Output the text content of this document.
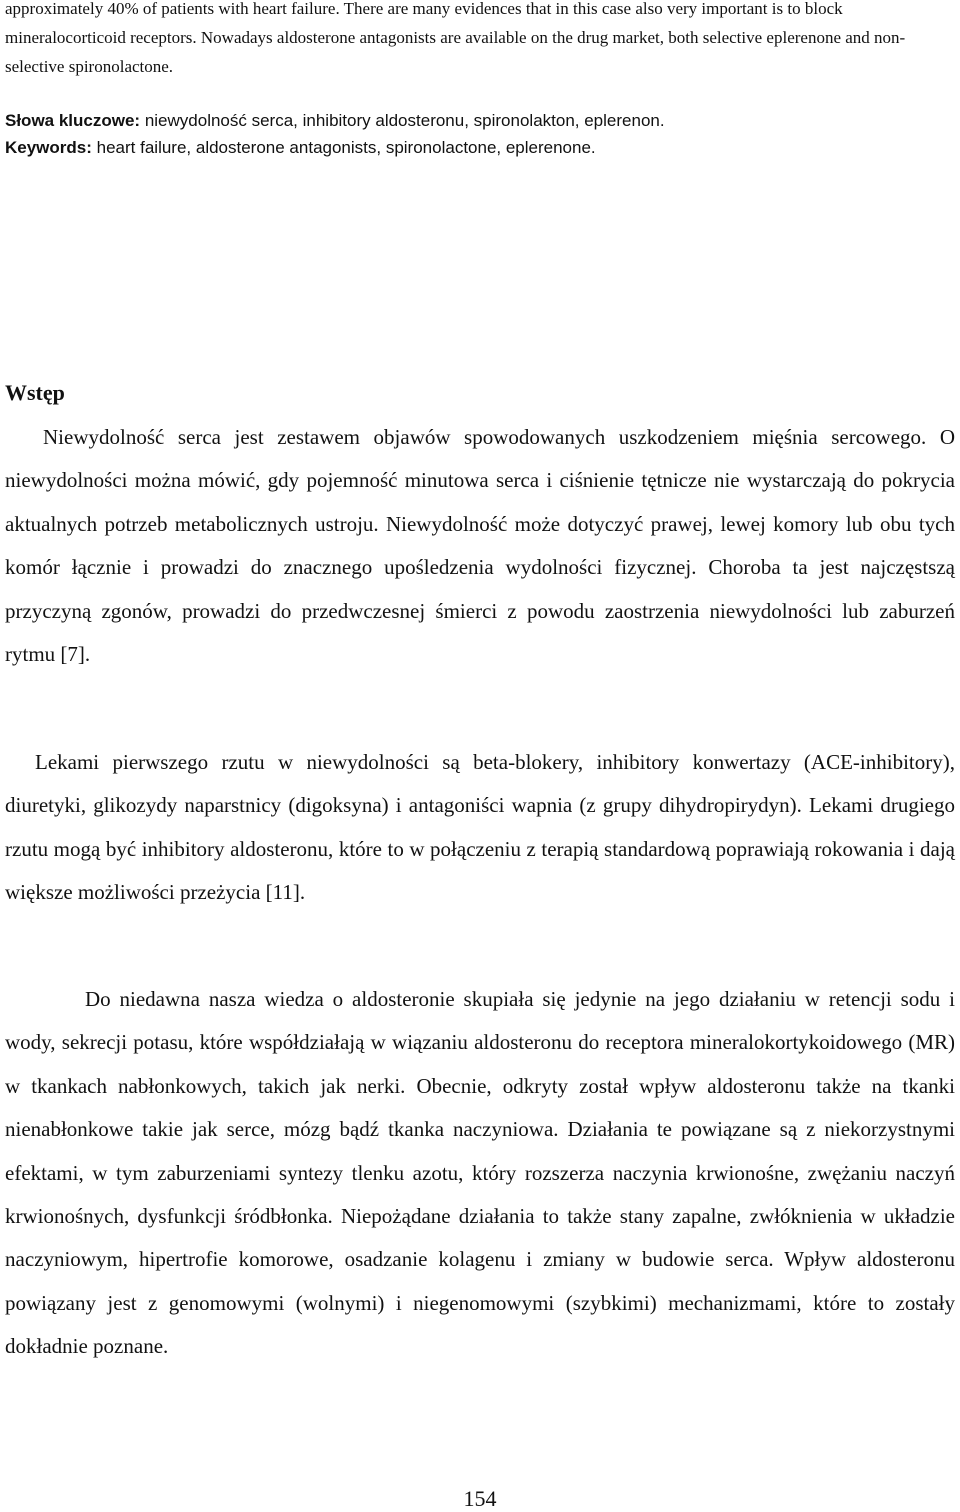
approximately 40% of patients with heart failure. There are many evidences that in this case also very important is to block mineralocorticoid receptors. Nowadays aldosterone antagonists are available on the drug market, both selective eplerenone and non-selective spironolactone.
Słowa kluczowe: niewydolność serca, inhibitory aldosteronu, spironolakton, eplerenon.
Keywords: heart failure, aldosterone antagonists, spironolactone, eplerenone.
Wstęp

Niewydolność serca jest zestawem objawów spowodowanych uszkodzeniem mięśnia sercowego. O niewydolności można mówić, gdy pojemność minutowa serca i ciśnienie tętnicze nie wystarczają do pokrycia aktualnych potrzeb metabolicznych ustroju. Niewydolność może dotyczyć prawej, lewej komory lub obu tych komór łącznie i prowadzi do znacznego upośledzenia wydolności fizycznej. Choroba ta jest najczęstszą przyczyną zgonów, prowadzi do przedwczesnej śmierci z powodu zaostrzenia niewydolności lub zaburzeń rytmu [7].

Lekami pierwszego rzutu w niewydolności są beta-blokery, inhibitory konwertazy (ACE-inhibitory), diuretyki, glikozydy naparstnicy (digoksyna) i antagoniści wapnia (z grupy dihydropirydyn). Lekami drugiego rzutu mogą być inhibitory aldosteronu, które to w połączeniu z terapią standardową poprawiają rokowania i dają większe możliwości przeżycia [11].

Do niedawna nasza wiedza o aldosteronie skupiała się jedynie na jego działaniu w retencji sodu i wody, sekrecji potasu, które współdziałają w wiązaniu aldosteronu do receptora mineralokortykoidowego (MR) w tkankach nabłonkowych, takich jak nerki. Obecnie, odkryty został wpływ aldosteronu także na tkanki nienabłonkowe takie jak serce, mózg bądź tkanka naczyniowa. Działania te powiązane są z niekorzystnymi efektami, w tym zaburzeniami syntezy tlenku azotu, który rozszerza naczynia krwionośne, zwężaniu naczyń krwionośnych, dysfunkcji śródbłonka. Niepożądane działania to także stany zapalne, zwłóknienia w układzie naczyniowym, hipertrofie komorowe, osadzanie kolagenu i zmiany w budowie serca. Wpływ aldosteronu powiązany jest z genomowymi (wolnymi) i niegenomowymi (szybkimi) mechanizmami, które to zostały dokładnie poznane.

154
